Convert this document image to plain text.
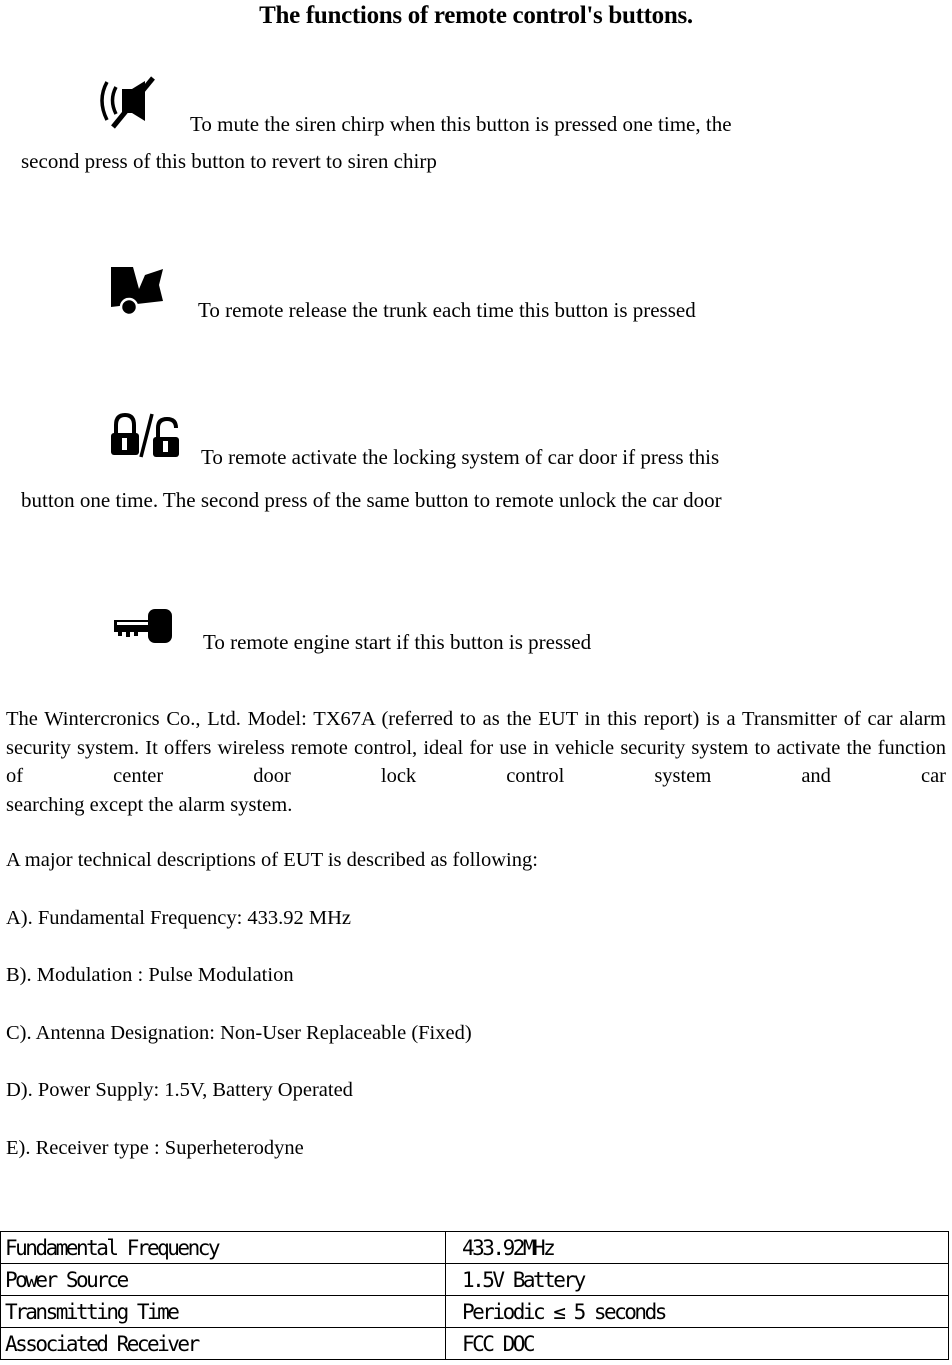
The functions of remote control's buttons.
To mute the siren chirp when this button is pressed one time, the
second press of this button to revert to siren chirp
To remote release the trunk each time this button is pressed
To remote activate the locking system of car door if press this
button one time. The second press of the same button to remote unlock the car door
To remote engine start if this button is pressed
The Wintercronics Co., Ltd. Model: TX67A (referred to as the EUT in this report) is a Transmitter of car alarm security system. It offers wireless remote control, ideal for use in vehicle security system to activate the function of center door lock control system and car
searching except the alarm system.
A major technical descriptions of EUT is described as following:
A). Fundamental Frequency: 433.92 MHz
B). Modulation : Pulse Modulation
C). Antenna Designation: Non-User Replaceable (Fixed)
D). Power Supply: 1.5V, Battery Operated
E). Receiver type : Superheterodyne
Fundamental Frequency	433.92MHz
Power Source	1.5V Battery
Transmitting Time	Periodic ≤ 5 seconds
Associated Receiver	FCC DOC
